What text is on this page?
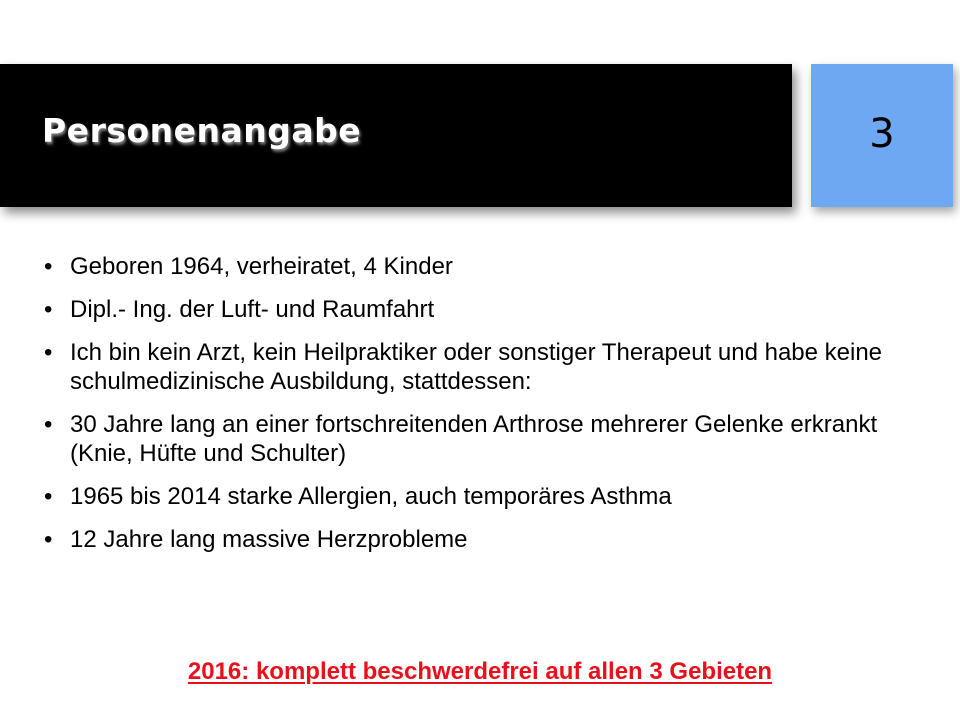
Personenangabe	3
• Geboren 1964, verheiratet, 4 Kinder
• Dipl.- Ing. der Luft- und Raumfahrt
• Ich bin kein Arzt, kein Heilpraktiker oder sonstiger Therapeut und habe keine schulmedizinische Ausbildung, stattdessen:
• 30 Jahre lang an einer fortschreitenden Arthrose mehrerer Gelenke erkrankt (Knie, Hüfte und Schulter)
• 1965 bis 2014 starke Allergien, auch temporäres Asthma
• 12 Jahre lang massive Herzprobleme
2016: komplett beschwerdefrei auf allen 3 Gebieten
